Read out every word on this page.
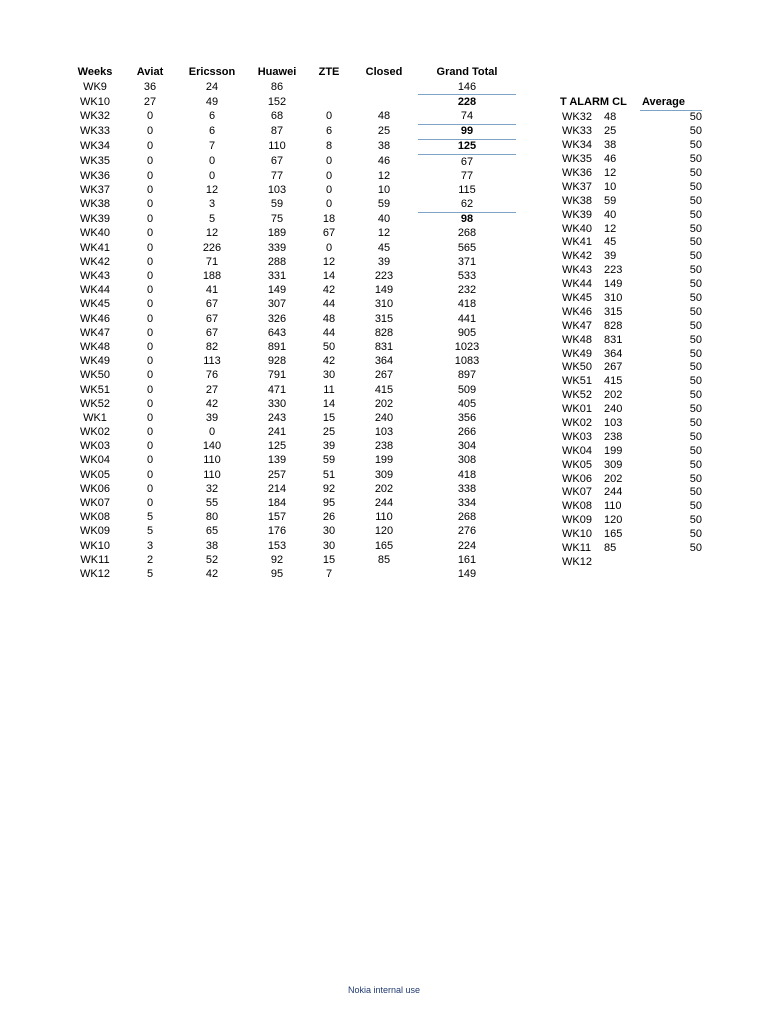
Weeks	Aviat	Ericsson	Huawei	ZTE	Closed	Grand Total
WK9	36	24	86			146
WK10	27	49	152			228
WK32	0	6	68	0	48	74
WK33	0	6	87	6	25	99
WK34	0	7	110	8	38	125
WK35	0	0	67	0	46	67
WK36	0	0	77	0	12	77
WK37	0	12	103	0	10	115
WK38	0	3	59	0	59	62
WK39	0	5	75	18	40	98
WK40	0	12	189	67	12	268
WK41	0	226	339	0	45	565
WK42	0	71	288	12	39	371
WK43	0	188	331	14	223	533
WK44	0	41	149	42	149	232
WK45	0	67	307	44	310	418
WK46	0	67	326	48	315	441
WK47	0	67	643	44	828	905
WK48	0	82	891	50	831	1023
WK49	0	113	928	42	364	1083
WK50	0	76	791	30	267	897
WK51	0	27	471	11	415	509
WK52	0	42	330	14	202	405
WK1	0	39	243	15	240	356
WK02	0	0	241	25	103	266
WK03	0	140	125	39	238	304
WK04	0	110	139	59	199	308
WK05	0	110	257	51	309	418
WK06	0	32	214	92	202	338
WK07	0	55	184	95	244	334
WK08	5	80	157	26	110	268
WK09	5	65	176	30	120	276
WK10	3	38	153	30	165	224
WK11	2	52	92	15	85	161
WK12	5	42	95	7		149
T ALARM CL Average
WK32	48	50
WK33	25	50
WK34	38	50
WK35	46	50
WK36	12	50
WK37	10	50
WK38	59	50
WK39	40	50
WK40	12	50
WK41	45	50
WK42	39	50
WK43	223	50
WK44	149	50
WK45	310	50
WK46	315	50
WK47	828	50
WK48	831	50
WK49	364	50
WK50	267	50
WK51	415	50
WK52	202	50
WK01	240	50
WK02	103	50
WK03	238	50
WK04	199	50
WK05	309	50
WK06	202	50
WK07	244	50
WK08	110	50
WK09	120	50
WK10	165	50
WK11	85	50
WK12		
Nokia internal use
